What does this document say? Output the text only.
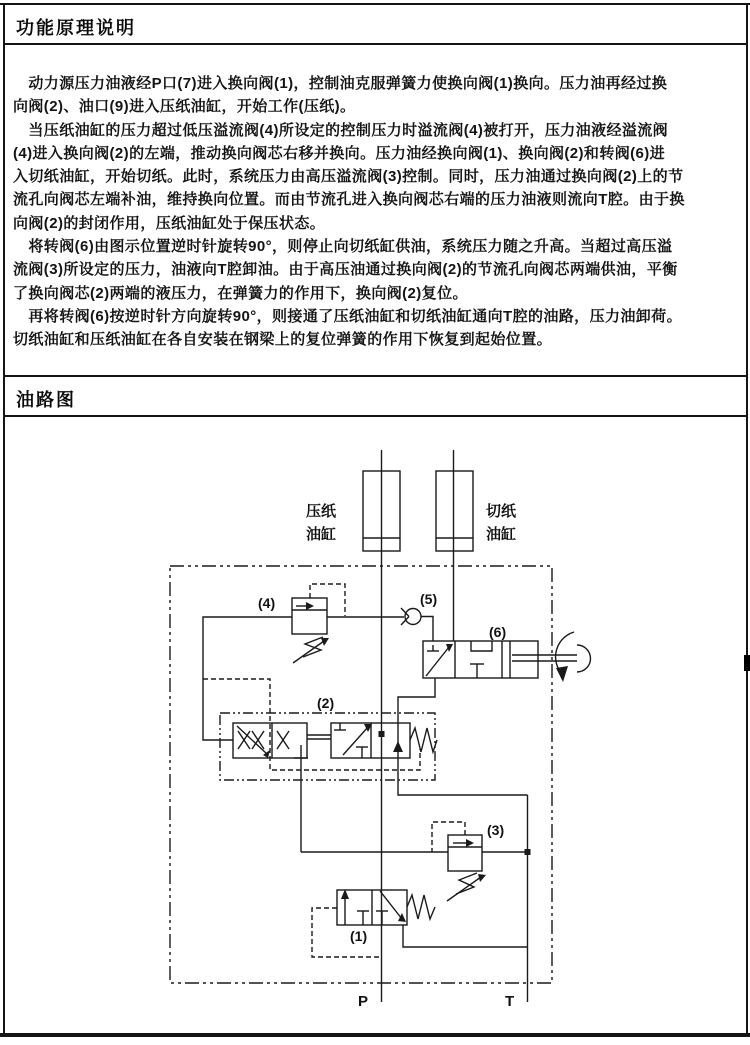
功能原理说明
　动力源压力油液经P口(7)进入换向阀(1)，控制油克服弹簧力使换向阀(1)换向。压力油再经过换
向阀(2)、油口(9)进入压纸油缸，开始工作(压纸)。
　当压纸油缸的压力超过低压溢流阀(4)所设定的控制压力时溢流阀(4)被打开，压力油液经溢流阀
(4)进入换向阀(2)的左端，推动换向阀芯右移并换向。压力油经换向阀(1)、换向阀(2)和转阀(6)进
入切纸油缸，开始切纸。此时，系统压力由高压溢流阀(3)控制。同时，压力油通过换向阀(2)上的节
流孔向阀芯左端补油，维持换向位置。而由节流孔进入换向阀芯右端的压力油液则流向T腔。由于换
向阀(2)的封闭作用，压纸油缸处于保压状态。
　将转阀(6)由图示位置逆时针旋转90°，则停止向切纸缸供油，系统压力随之升高。当超过高压溢
流阀(3)所设定的压力，油液向T腔卸油。由于高压油通过换向阀(2)的节流孔向阀芯两端供油，平衡
了换向阀芯(2)两端的液压力，在弹簧力的作用下，换向阀(2)复位。
　再将转阀(6)按逆时针方向旋转90°，则接通了压纸油缸和切纸油缸通向T腔的油路，压力油卸荷。
切纸油缸和压纸油缸在各自安装在钢梁上的复位弹簧的作用下恢复到起始位置。
油路图
压纸
油缸
切纸
油缸
(4)	(5)
(6)
(2)
(3)
(1)
P	T
